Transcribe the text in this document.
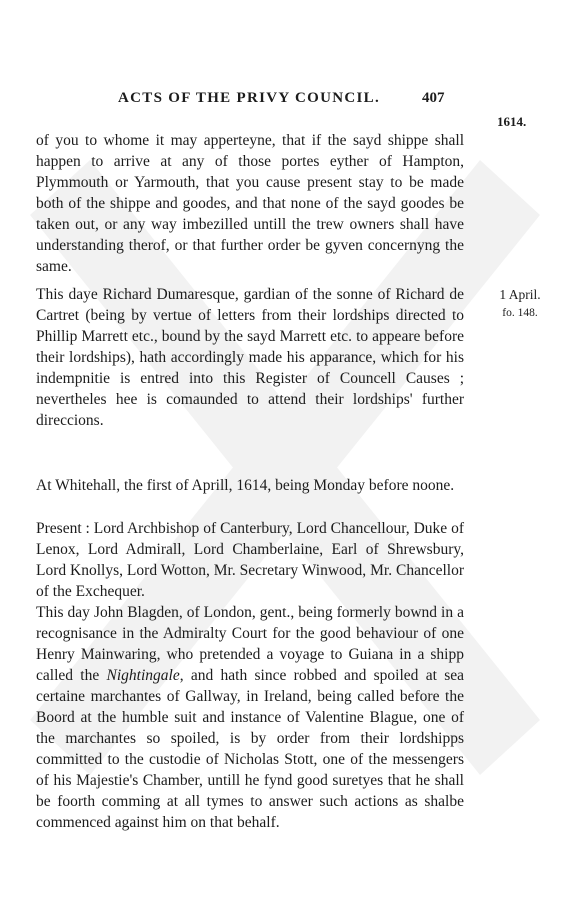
ACTS OF THE PRIVY COUNCIL.	407
1614.
of you to whome it may apperteyne, that if the sayd shippe shall happen to arrive at any of those portes eyther of Hampton, Plymmouth or Yarmouth, that you cause present stay to be made both of the shippe and goodes, and that none of the sayd goodes be taken out, or any way imbezilled untill the trew owners shall have understanding therof, or that further order be gyven concernyng the same.
This daye Richard Dumaresque, gardian of the sonne of Richard de Cartret (being by vertue of letters from their lordships directed to Phillip Marrett etc., bound by the sayd Marrett etc. to appeare before their lordships), hath accordingly made his apparance, which for his indempnitie is entred into this Register of Councell Causes ; nevertheles hee is comaunded to attend their lordships' further direccions.
1 April.
fo. 148.
At Whitehall, the first of Aprill, 1614, being Monday before noone.
Present : Lord Archbishop of Canterbury, Lord Chancellour, Duke of Lenox, Lord Admirall, Lord Chamberlaine, Earl of Shrewsbury, Lord Knollys, Lord Wotton, Mr. Secretary Winwood, Mr. Chancellor of the Exchequer.
This day John Blagden, of London, gent., being formerly bownd in a recognisance in the Admiralty Court for the good behaviour of one Henry Mainwaring, who pretended a voyage to Guiana in a shipp called the Nightingale, and hath since robbed and spoiled at sea certaine marchantes of Gallway, in Ireland, being called before the Boord at the humble suit and instance of Valentine Blague, one of the marchantes so spoiled, is by order from their lordshipps committed to the custodie of Nicholas Stott, one of the messengers of his Majestie's Chamber, untill he fynd good suretyes that he shall be foorth comming at all tymes to answer such actions as shalbe commenced against him on that behalf.
